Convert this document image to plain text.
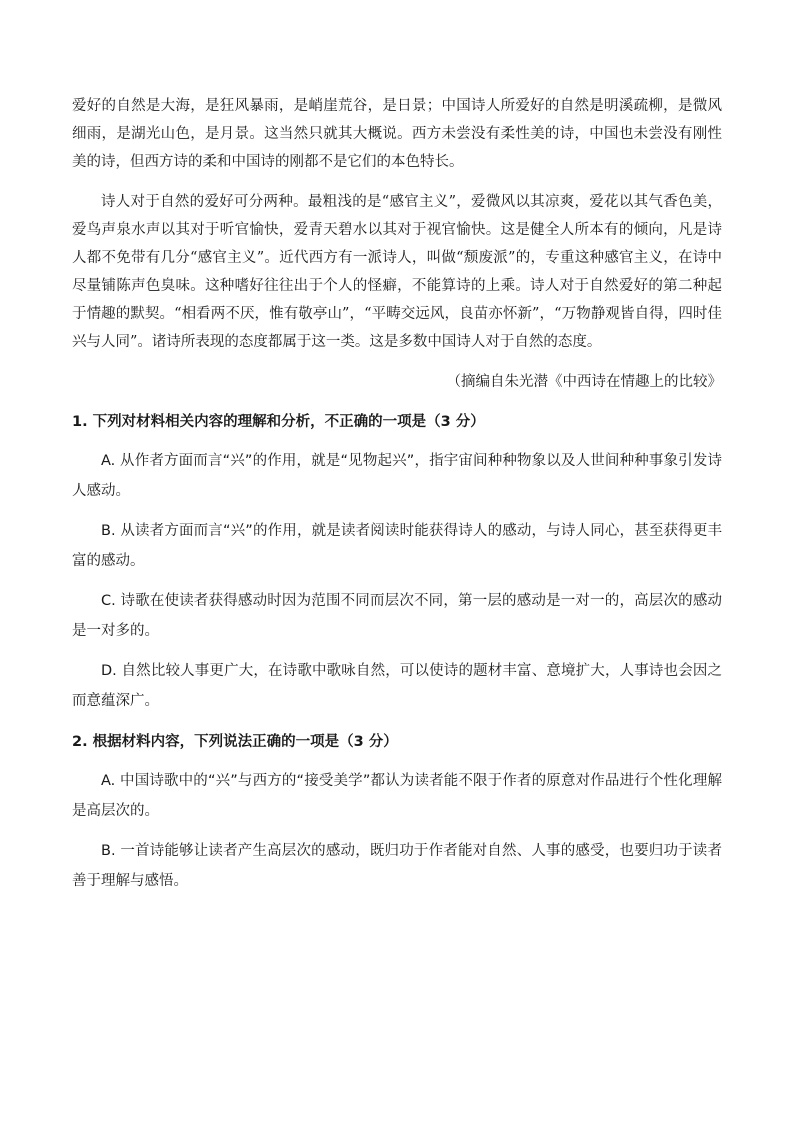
爱好的自然是大海，是狂风暴雨，是峭崖荒谷，是日景；中国诗人所爱好的自然是明溪疏柳，是微风细雨，是湖光山色，是月景。这当然只就其大概说。西方未尝没有柔性美的诗，中国也未尝没有刚性美的诗，但西方诗的柔和中国诗的刚都不是它们的本色特长。

诗人对于自然的爱好可分两种。最粗浅的是“感官主义”，爱微风以其凉爽，爱花以其气香色美，爱鸟声泉水声以其对于听官愉快，爱青天碧水以其对于视官愉快。这是健全人所本有的倾向，凡是诗人都不免带有几分“感官主义”。近代西方有一派诗人，叫做“颓废派”的，专重这种感官主义，在诗中尽量铺陈声色臭味。这种嗜好往往出于个人的怪癖，不能算诗的上乘。诗人对于自然爱好的第二种起于情趣的默契。“相看两不厌，惟有敬亭山”，“平畴交远风，良苗亦怀新”，“万物静观皆自得，四时佳兴与人同”。诸诗所表现的态度都属于这一类。这是多数中国诗人对于自然的态度。

（摘编自朱光潜《中西诗在情趣上的比较》
1. 下列对材料相关内容的理解和分析，不正确的一项是（3 分）
A. 从作者方面而言“兴”的作用，就是“见物起兴”，指宇宙间种种物象以及人世间种种事象引发诗人感动。
B. 从读者方面而言“兴”的作用，就是读者阅读时能获得诗人的感动，与诗人同心，甚至获得更丰富的感动。
C. 诗歌在使读者获得感动时因为范围不同而层次不同，第一层的感动是一对一的，高层次的感动是一对多的。
D. 自然比较人事更广大，在诗歌中歌咏自然，可以使诗的题材丰富、意境扩大，人事诗也会因之而意蕴深广。
2. 根据材料内容，下列说法正确的一项是（3 分）
A. 中国诗歌中的“兴”与西方的“接受美学”都认为读者能不限于作者的原意对作品进行个性化理解是高层次的。
B. 一首诗能够让读者产生高层次的感动，既归功于作者能对自然、人事的感受，也要归功于读者善于理解与感悟。
